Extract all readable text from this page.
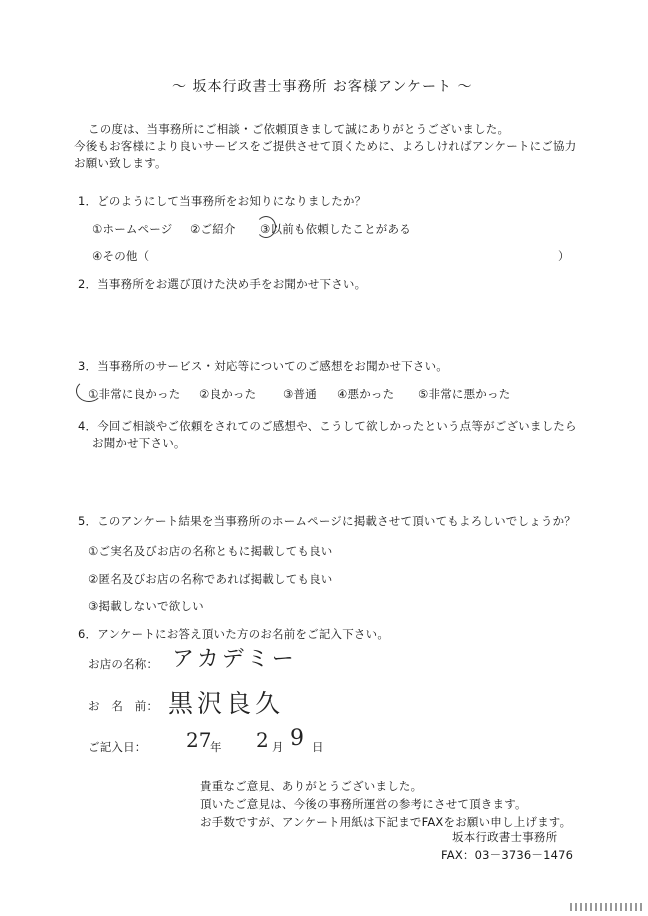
～ 坂本行政書士事務所 お客様アンケート ～
この度は、当事務所にご相談・ご依頼頂きまして誠にありがとうございました。
今後もお客様により良いサービスをご提供させて頂くために、よろしければアンケートにご協力
お願い致します。
1．どのようにして当事務所をお知りになりましたか？
①ホームページ ②ご紹介 ③以前も依頼したことがある
④その他（	）
2．当事務所をお選び頂けた決め手をお聞かせ下さい。
3．当事務所のサービス・対応等についてのご感想をお聞かせ下さい。
①非常に良かった ②良かった ③普通 ④悪かった ⑤非常に悪かった
4．今回ご相談やご依頼をされてのご感想や、こうして欲しかったという点等がございましたら
お聞かせ下さい。
5．このアンケート結果を当事務所のホームページに掲載させて頂いてもよろしいでしょうか？
①ご実名及びお店の名称ともに掲載しても良い
②匿名及びお店の名称であれば掲載しても良い
③掲載しないで欲しい
6．アンケートにお答え頂いた方のお名前をご記入下さい。
お店の名称： アカデミー
お　名　前： 黒沢良久
ご記入日： 27
年 2 月 9 日
貴重なご意見、ありがとうございました。
頂いたご意見は、今後の事務所運営の参考にさせて頂きます。
お手数ですが、アンケート用紙は下記までFAXをお願い申し上げます。
坂本行政書士事務所
FAX：03－3736－1476
